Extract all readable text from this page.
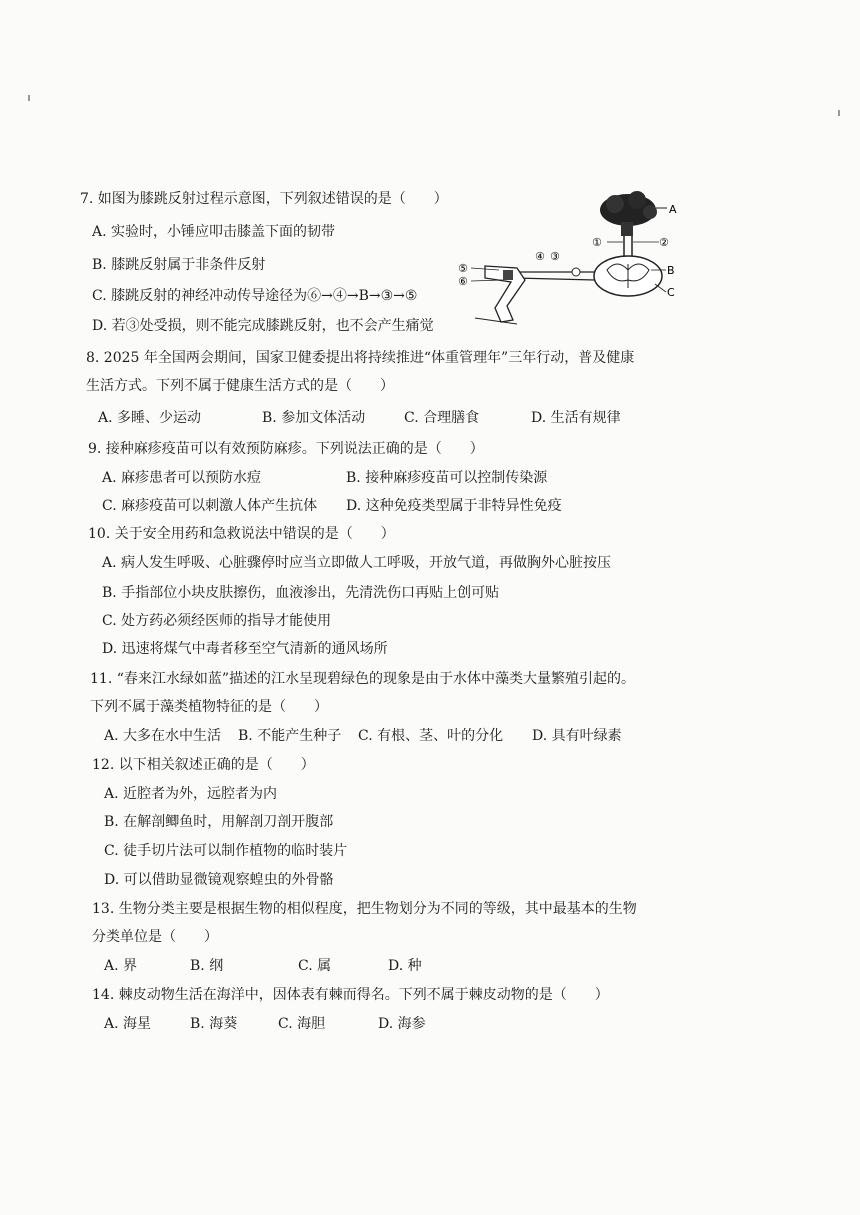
7. 如图为膝跳反射过程示意图，下列叙述错误的是（　　）
A. 实验时，小锤应叩击膝盖下面的韧带
B. 膝跳反射属于非条件反射
C. 膝跳反射的神经冲动传导途径为⑥→④→B→③→⑤
D. 若③处受损，则不能完成膝跳反射，也不会产生痛觉
①	②
A
B
C
④ ③
⑤
⑥
8. 2025 年全国两会期间，国家卫健委提出将持续推进“体重管理年”三年行动，普及健康
生活方式。下列不属于健康生活方式的是（　　）
A. 多睡、少运动	B. 参加文体活动	C. 合理膳食	D. 生活有规律
9. 接种麻疹疫苗可以有效预防麻疹。下列说法正确的是（　　）
A. 麻疹患者可以预防水痘	B. 接种麻疹疫苗可以控制传染源
C. 麻疹疫苗可以刺激人体产生抗体 D. 这种免疫类型属于非特异性免疫
10. 关于安全用药和急救说法中错误的是（　　）
A. 病人发生呼吸、心脏骤停时应当立即做人工呼吸，开放气道，再做胸外心脏按压
B. 手指部位小块皮肤擦伤，血液渗出，先清洗伤口再贴上创可贴
C. 处方药必须经医师的指导才能使用
D. 迅速将煤气中毒者移至空气清新的通风场所
11. “春来江水绿如蓝”描述的江水呈现碧绿色的现象是由于水体中藻类大量繁殖引起的。
下列不属于藻类植物特征的是（　　）
A. 大多在水中生活 B. 不能产生种子 C. 有根、茎、叶的分化 D. 具有叶绿素
12. 以下相关叙述正确的是（　　）
A. 近腔者为外，远腔者为内
B. 在解剖鲫鱼时，用解剖刀剖开腹部
C. 徒手切片法可以制作植物的临时装片
D. 可以借助显微镜观察蝗虫的外骨骼
13. 生物分类主要是根据生物的相似程度，把生物划分为不同的等级，其中最基本的生物
分类单位是（　　）
A. 界	B. 纲	C. 属	D. 种
14. 棘皮动物生活在海洋中，因体表有棘而得名。下列不属于棘皮动物的是（　　）
A. 海星	B. 海葵	C. 海胆	D. 海参
